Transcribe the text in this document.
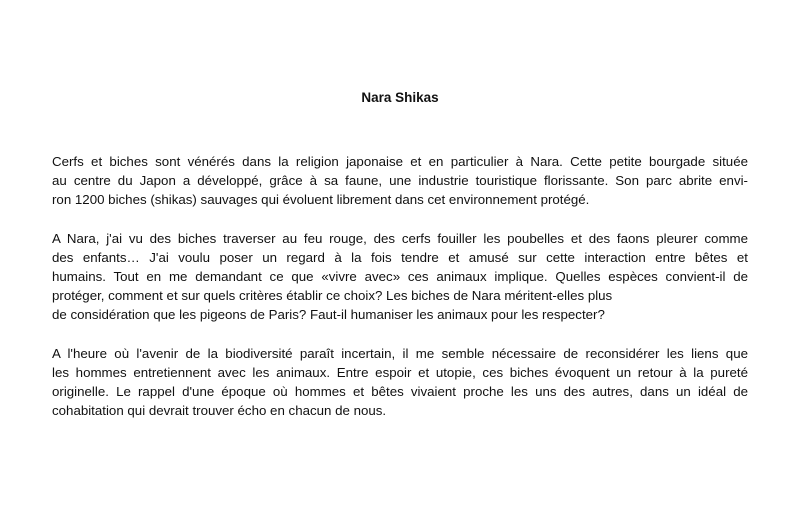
Nara Shikas

Cerfs et biches sont vénérés dans la religion japonaise et en particulier à Nara. Cette petite bourgade située
au centre du Japon a développé, grâce à sa faune, une industrie touristique florissante. Son parc abrite envi-
ron 1200 biches (shikas) sauvages qui évoluent librement dans cet environnement protégé.

A Nara, j'ai vu des biches traverser au feu rouge, des cerfs fouiller les poubelles et des faons pleurer comme
des enfants… J'ai voulu poser un regard à la fois tendre et amusé sur cette interaction entre bêtes et
humains. Tout en me demandant ce que «vivre avec» ces animaux implique. Quelles espèces convient-il de
protéger, comment et sur quels critères établir ce choix? Les biches de Nara méritent-elles plus
de considération que les pigeons de Paris? Faut-il humaniser les animaux pour les respecter?

A l'heure où l'avenir de la biodiversité paraît incertain, il me semble nécessaire de reconsidérer les liens que
les hommes entretiennent avec les animaux. Entre espoir et utopie, ces biches évoquent un retour à la pureté
originelle. Le rappel d'une époque où hommes et bêtes vivaient proche les uns des autres, dans un idéal de
cohabitation qui devrait trouver écho en chacun de nous.
